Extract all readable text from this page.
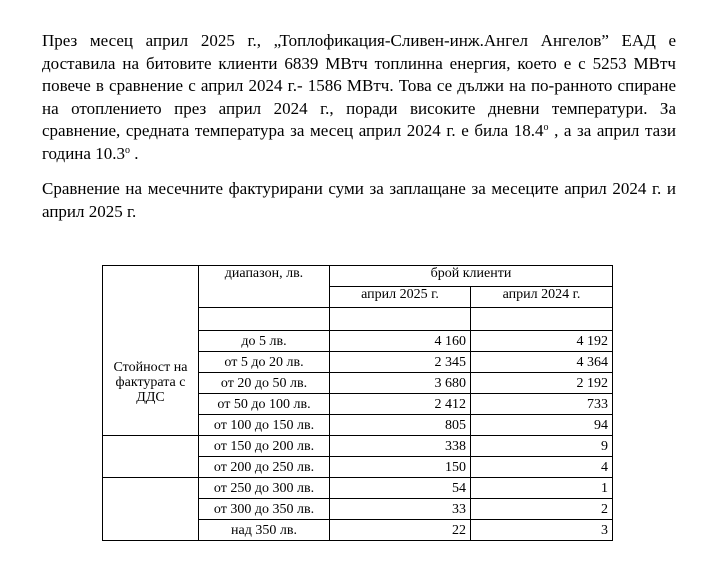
През месец април 2025 г., „Топлофикация-Сливен-инж.Ангел Ангелов” ЕАД е доставила на битовите клиенти 6839 МВтч топлинна енергия, което е с 5253 МВтч повече в сравнение с април 2024 г.- 1586 МВтч. Това се дължи на по-ранното спиране на отоплението през април 2024 г., поради високите дневни температури. За сравнение, средната температура за месец април 2024 г. е била 18.4$^o$ , а за април тази година 10.3$^o$ .

Сравнение на месечните фактурирани суми за заплащане за месеците април 2024 г. и април 2025 г.

	диапазон, лв.	брой клиенти	
		април 2025 г.	април 2024 г.

Стойност на фактурата с ДДС	до 5 лв.	4 160	4 192
	от 5 до 20 лв.	2 345	4 364
	от 20 до 50 лв.	3 680	2 192
	от 50 до 100 лв.	2 412	733
	от 100 до 150 лв.	805	94
	от 150 до 200 лв.	338	9
	от 200 до 250 лв.	150	4
	от 250 до 300 лв.	54	1
	от 300 до 350 лв.	33	2
	над 350 лв.	22	3
